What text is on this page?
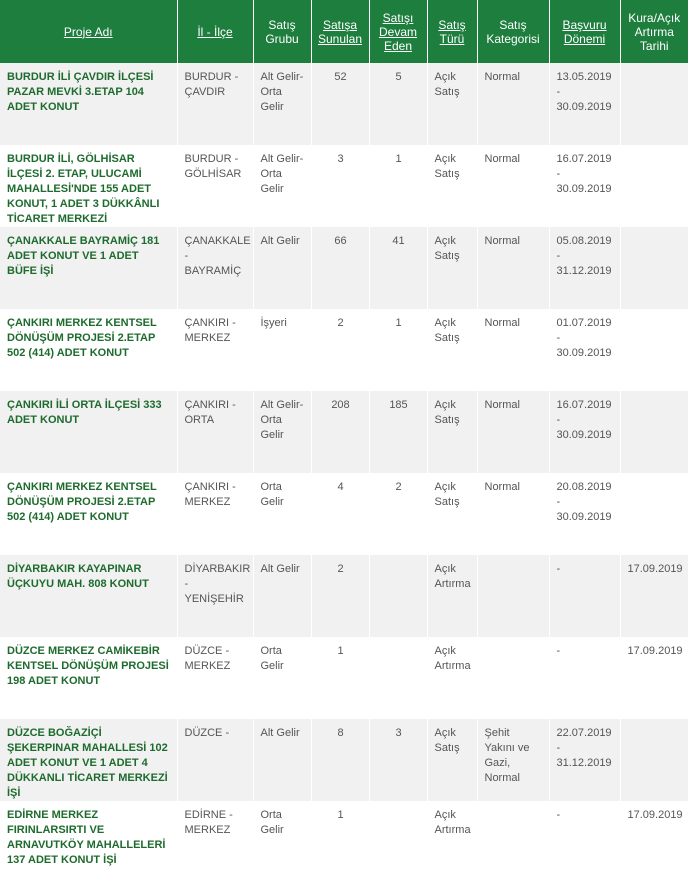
Proje Adı	İl - İlçe	Satış Grubu	Satışa Sunulan	Satışı Devam Eden	Satış Türü	Satış Kategorisi	Başvuru Dönemi	Kura/Açık Artırma Tarihi
BURDUR İLİ ÇAVDIR İLÇESİ PAZAR MEVKİ 3.ETAP 104 ADET KONUT	BURDUR - ÇAVDIR	Alt Gelir-Orta Gelir	52	5	Açık Satış	Normal	13.05.2019 - 30.09.2019	
BURDUR İLİ, GÖLHİSAR İLÇESİ 2. ETAP, ULUCAMİ MAHALLESİ'NDE 155 ADET KONUT, 1 ADET 3 DÜKKÂNLI TİCARET MERKEZİ	BURDUR - GÖLHİSAR	Alt Gelir-Orta Gelir	3	1	Açık Satış	Normal	16.07.2019 - 30.09.2019	
ÇANAKKALE BAYRAMİÇ 181 ADET KONUT VE 1 ADET BÜFE İŞİ	ÇANAKKALE - BAYRAMİÇ	Alt Gelir	66	41	Açık Satış	Normal	05.08.2019 - 31.12.2019	
ÇANKIRI MERKEZ KENTSEL DÖNÜŞÜM PROJESİ 2.ETAP 502 (414) ADET KONUT	ÇANKIRI - MERKEZ	İşyeri	2	1	Açık Satış	Normal	01.07.2019 - 30.09.2019	
ÇANKIRI İLİ ORTA İLÇESİ 333 ADET KONUT	ÇANKIRI - ORTA	Alt Gelir-Orta Gelir	208	185	Açık Satış	Normal	16.07.2019 - 30.09.2019	
ÇANKIRI MERKEZ KENTSEL DÖNÜŞÜM PROJESİ 2.ETAP 502 (414) ADET KONUT	ÇANKIRI - MERKEZ	Orta Gelir	4	2	Açık Satış	Normal	20.08.2019 - 30.09.2019	
DİYARBAKIR KAYAPINAR ÜÇKUYU MAH. 808 KONUT	DİYARBAKIR - YENİŞEHİR	Alt Gelir	2		Açık Artırma		-	17.09.2019
DÜZCE MERKEZ CAMİKEBİR KENTSEL DÖNÜŞÜM PROJESİ 198 ADET KONUT	DÜZCE - MERKEZ	Orta Gelir	1		Açık Artırma		-	17.09.2019
DÜZCE BOĞAZİÇİ ŞEKERPINAR MAHALLESİ 102 ADET KONUT VE 1 ADET 4 DÜKKANLI TİCARET MERKEZİ İŞİ	DÜZCE -	Alt Gelir	8	3	Açık Satış	Şehit Yakını ve Gazi, Normal	22.07.2019 - 31.12.2019	
EDİRNE MERKEZ FIRINLARSIRTI VE ARNAVUTKÖY MAHALLELERİ 137 ADET KONUT İŞİ	EDİRNE - MERKEZ	Orta Gelir	1		Açık Artırma		-	17.09.2019
